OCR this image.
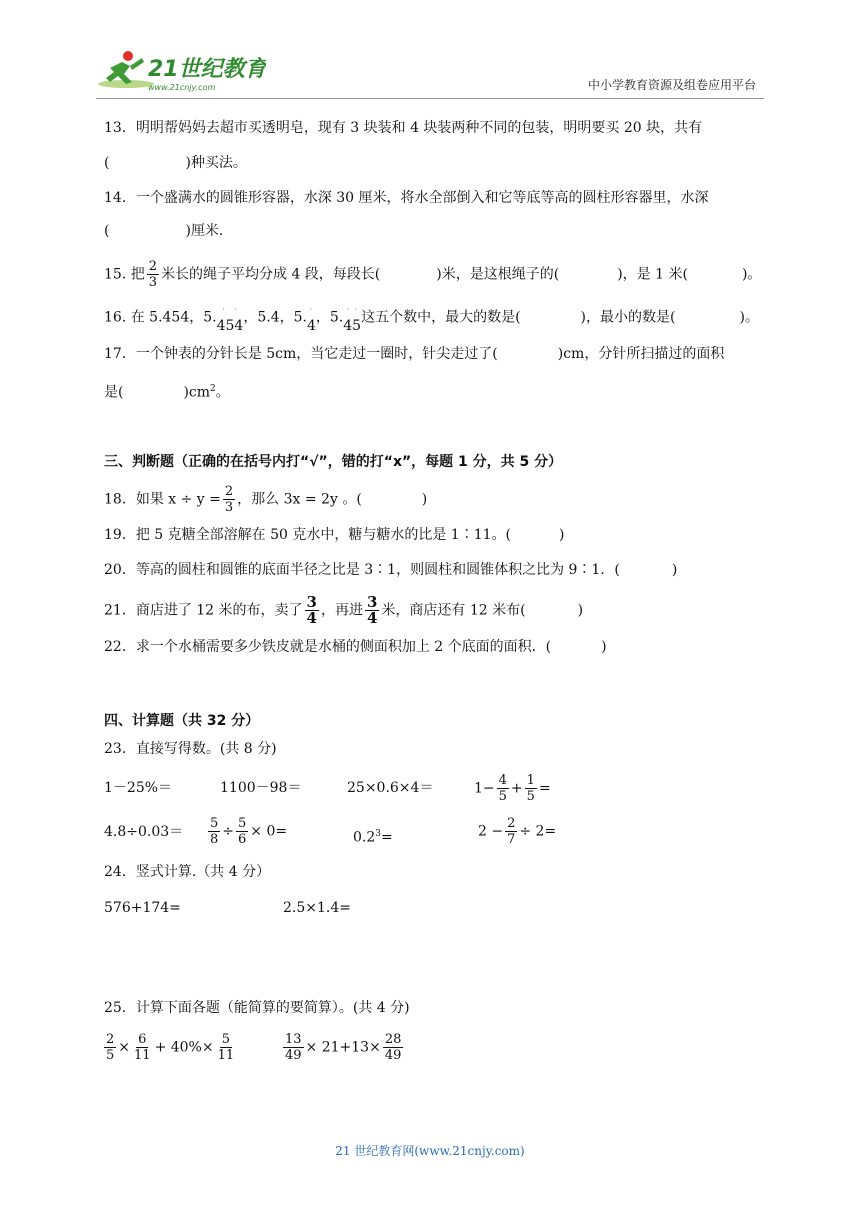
21世纪教育
www.21cnjy.com	中小学教育资源及组卷应用平台
13．明明帮妈妈去超市买透明皂，现有 3 块装和 4 块装两种不同的包装，明明要买 20 块，共有
(	)种买法。
14．一个盛满水的圆锥形容器，水深 30 厘米，将水全部倒入和它等底等高的圆柱形容器里，水深
(	)厘米.
15. 把 $\frac{2}{3}$ 米长的绳子平均分成 4 段，每段长(	)米，是这根绳子的(	)，是 1 米(	)。
16. 在 5.454，5. ·  ·
454
，5.4，5. ·
4
，5. · ·
45
这五个数中，最大的数是(	)，最小的数是(	)。
17．一个钟表的分针长是 5cm，当它走过一圈时，针尖走过了(	)cm，分针所扫描过的面积
是(	)$cm^2$。
三、判断题（正确的在括号内打“√”，错的打“x”，每题 1 分，共 5 分）
18．如果 $x \div y = \frac{2}{3}$ ，那么 3x = 2y 。(	)
19．把 5 克糖全部溶解在 50 克水中，糖与糖水的比是 1∶11。(	)
20．等高的圆柱和圆锥的底面半径之比是 3∶1，则圆柱和圆锥体积之比为 9∶1．(	)
21．商店进了 12 米的布，卖了 $\frac{3}{4}$ ，再进 $\frac{3}{4}$ 米，商店还有 12 米布(	)
22．求一个水桶需要多少铁皮就是水桶的侧面积加上 2 个底面的面积．(	)
四、计算题（共 32 分）
23．直接写得数。(共 8 分)
1－25%＝	1100－98＝	25×0.6×4＝	$1- \frac{4}{5} + \frac{1}{5}$ =
$4.8\div 0.03= \frac{5}{8} \div \frac{5}{6} \times 0=$	$0.2^3=$	$2 - \frac{2}{7} \div 2=$
24．竖式计算.（共 4 分）
576+174=	2.5×1.4=
25．计算下面各题（能简算的要简算）。(共 4 分)
$\frac{2}{5} \times \frac{6}{11} + 40\%\times \frac{5}{11}$	$\frac{13}{49} \times 21+13\times \frac{28}{49}$
21 世纪教育网(www.21cnjy.com)
